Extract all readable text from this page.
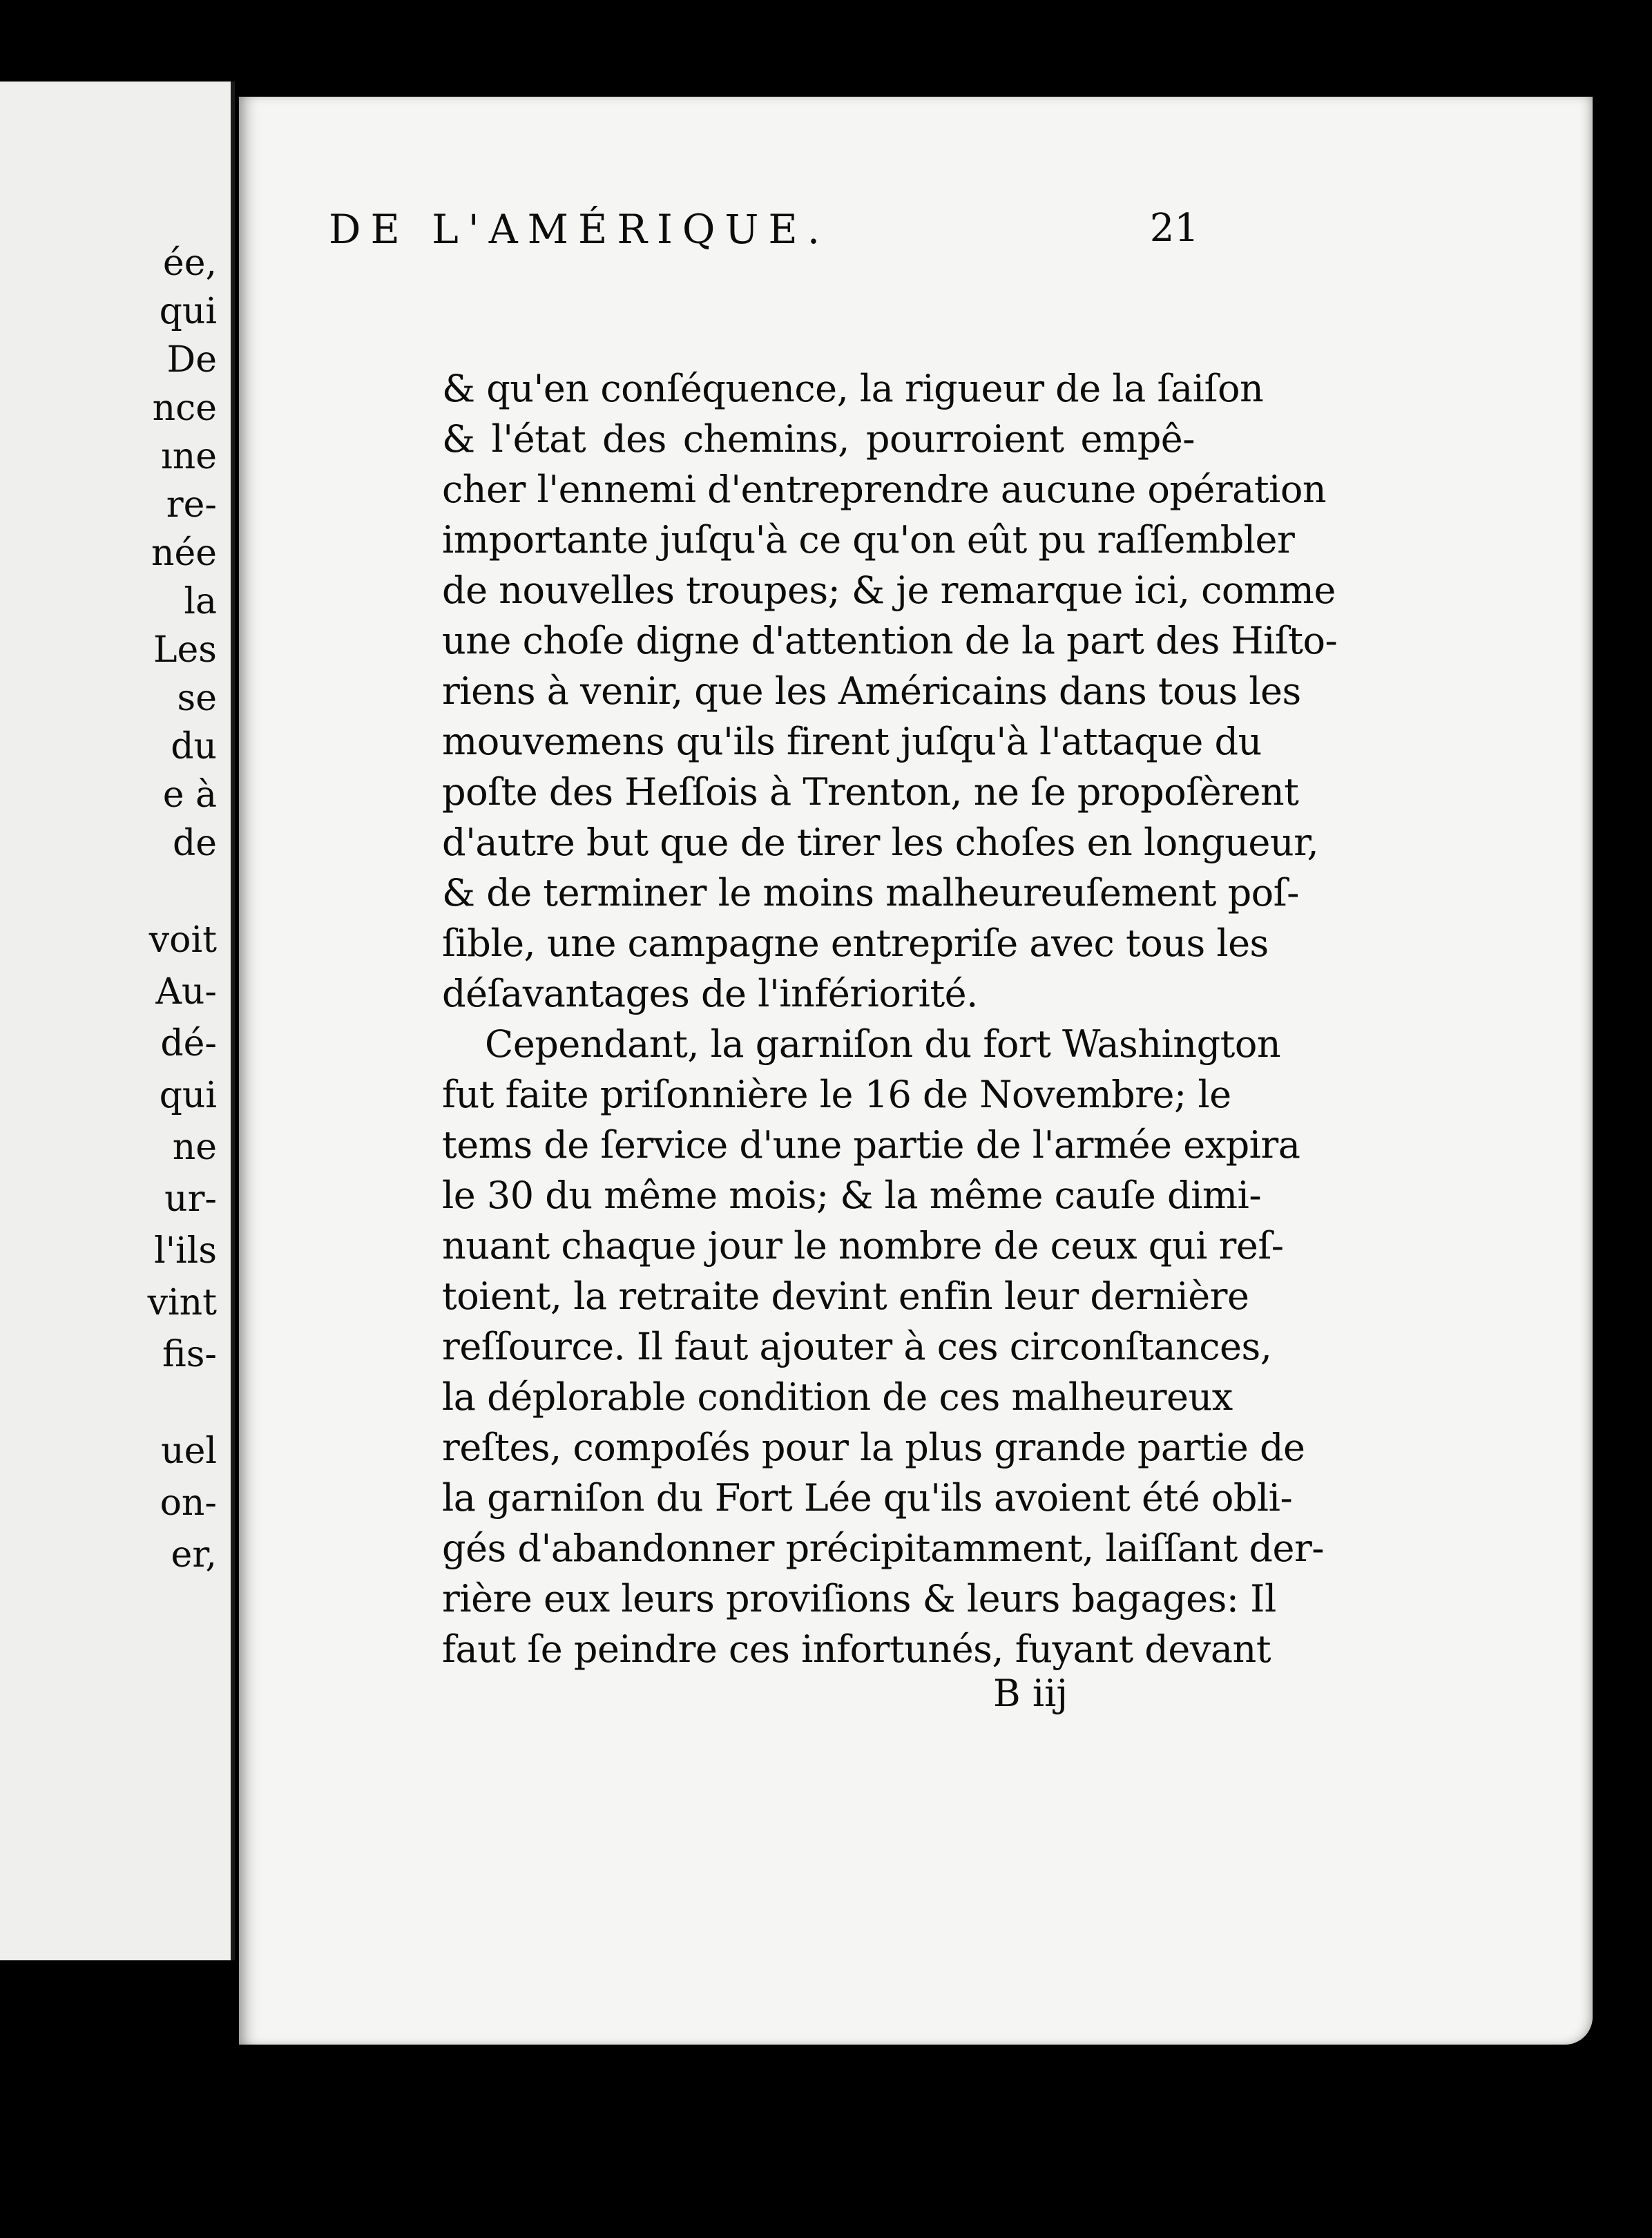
ée,
qui
De
nce
ıne
re-
née
la
Les
se
du
e à
de
voit
Au-
dé-
qui
ne
ur-
l'ils
vint
fis-
uel
on-
er,
DE L'AMÉRIQUE.	21
& qu'en conſéquence, la rigueur de la ſaiſon
& l'état des chemins, pourroient empê-
cher l'ennemi d'entreprendre aucune opération
importante juſqu'à ce qu'on eût pu raſſembler
de nouvelles troupes; & je remarque ici, comme
une choſe digne d'attention de la part des Hiſto-
riens à venir, que les Américains dans tous les
mouvemens qu'ils firent juſqu'à l'attaque du
poſte des Heſſois à Trenton, ne ſe propoſèrent
d'autre but que de tirer les choſes en longueur,
& de terminer le moins malheureuſement poſ-
ſible, une campagne entrepriſe avec tous les
déſavantages de l'infériorité.
Cependant, la garniſon du fort Washington
fut faite priſonnière le 16 de Novembre; le
tems de ſervice d'une partie de l'armée expira
le 30 du même mois; & la même cauſe dimi-
nuant chaque jour le nombre de ceux qui reſ-
toient, la retraite devint enfin leur dernière
reſſource. Il faut ajouter à ces circonſtances,
la déplorable condition de ces malheureux
reſtes, compoſés pour la plus grande partie de
la garniſon du Fort Lée qu'ils avoient été obli-
gés d'abandonner précipitamment, laiſſant der-
rière eux leurs proviſions & leurs bagages: Il
faut ſe peindre ces infortunés, fuyant devant
B iij
